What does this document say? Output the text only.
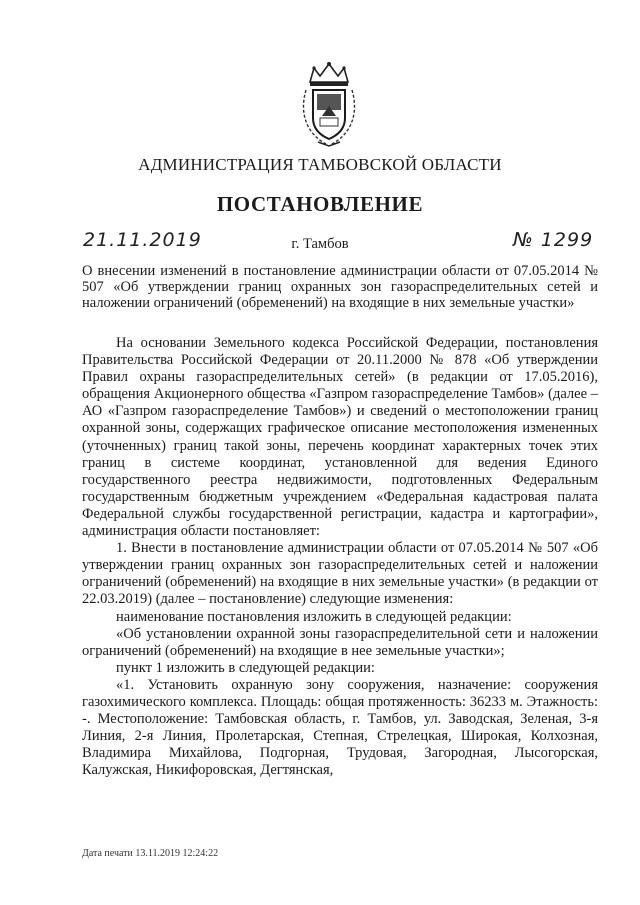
АДМИНИСТРАЦИЯ ТАМБОВСКОЙ ОБЛАСТИ
ПОСТАНОВЛЕНИЕ
21.11.2019	г. Тамбов	№ 1299
О внесении изменений в постановление администрации области от 07.05.2014 № 507 «Об утверждении границ охранных зон газораспределительных сетей и наложении ограничений (обременений) на входящие в них земельные участки»

На основании Земельного кодекса Российской Федерации, постановления Правительства Российской Федерации от 20.11.2000 № 878 «Об утверждении Правил охраны газораспределительных сетей» (в редакции от 17.05.2016), обращения Акционерного общества «Газпром газораспределение Тамбов» (далее – АО «Газпром газораспределение Тамбов») и сведений о местоположении границ охранной зоны, содержащих графическое описание местоположения измененных (уточненных) границ такой зоны, перечень координат характерных точек этих границ в системе координат, установленной для ведения Единого государственного реестра недвижимости, подготовленных Федеральным государственным бюджетным учреждением «Федеральная кадастровая палата Федеральной службы государственной регистрации, кадастра и картографии», администрация области постановляет:

1. Внести в постановление администрации области от 07.05.2014 № 507 «Об утверждении границ охранных зон газораспределительных сетей и наложении ограничений (обременений) на входящие в них земельные участки» (в редакции от 22.03.2019) (далее – постановление) следующие изменения:

наименование постановления изложить в следующей редакции:

«Об установлении охранной зоны газораспределительной сети и наложении ограничений (обременений) на входящие в нее земельные участки»;

пункт 1 изложить в следующей редакции:

«1. Установить охранную зону сооружения, назначение: сооружения газохимического комплекса. Площадь: общая протяженность: 36233 м. Этажность: -. Местоположение: Тамбовская область, г. Тамбов, ул. Заводская, Зеленая, 3-я Линия, 2-я Линия, Пролетарская, Степная, Стрелецкая, Широкая, Колхозная, Владимира Михайлова, Подгорная, Трудовая, Загородная, Лысогорская, Калужская, Никифоровская, Дегтянская,

Дата печати 13.11.2019 12:24:22
